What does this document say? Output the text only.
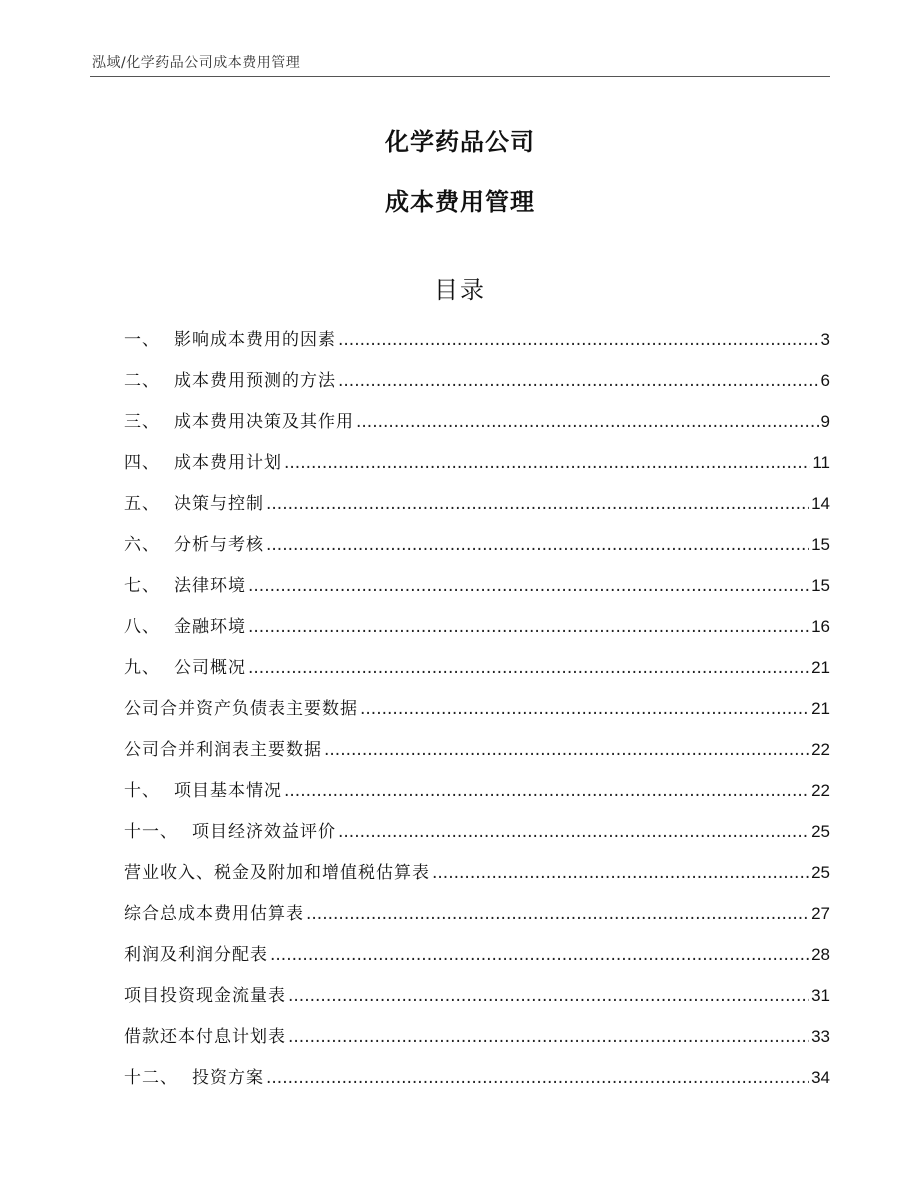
泓域/化学药品公司成本费用管理
化学药品公司
成本费用管理
目录
一、 影响成本费用的因素 .....	3
二、 成本费用预测的方法 .....	6
三、 成本费用决策及其作用 .....	9
四、 成本费用计划 .....	11
五、 决策与控制 .....	14
六、 分析与考核 .....	15
七、 法律环境 .....	15
八、 金融环境 .....	16
九、 公司概况 .....	21
公司合并资产负债表主要数据 .....	21
公司合并利润表主要数据 .....	22
十、 项目基本情况 .....	22
十一、 项目经济效益评价 .....	25
营业收入、税金及附加和增值税估算表 .....	25
综合总成本费用估算表 .....	27
利润及利润分配表 .....	28
项目投资现金流量表 .....	31
借款还本付息计划表 .....	33
十二、 投资方案 .....	34
